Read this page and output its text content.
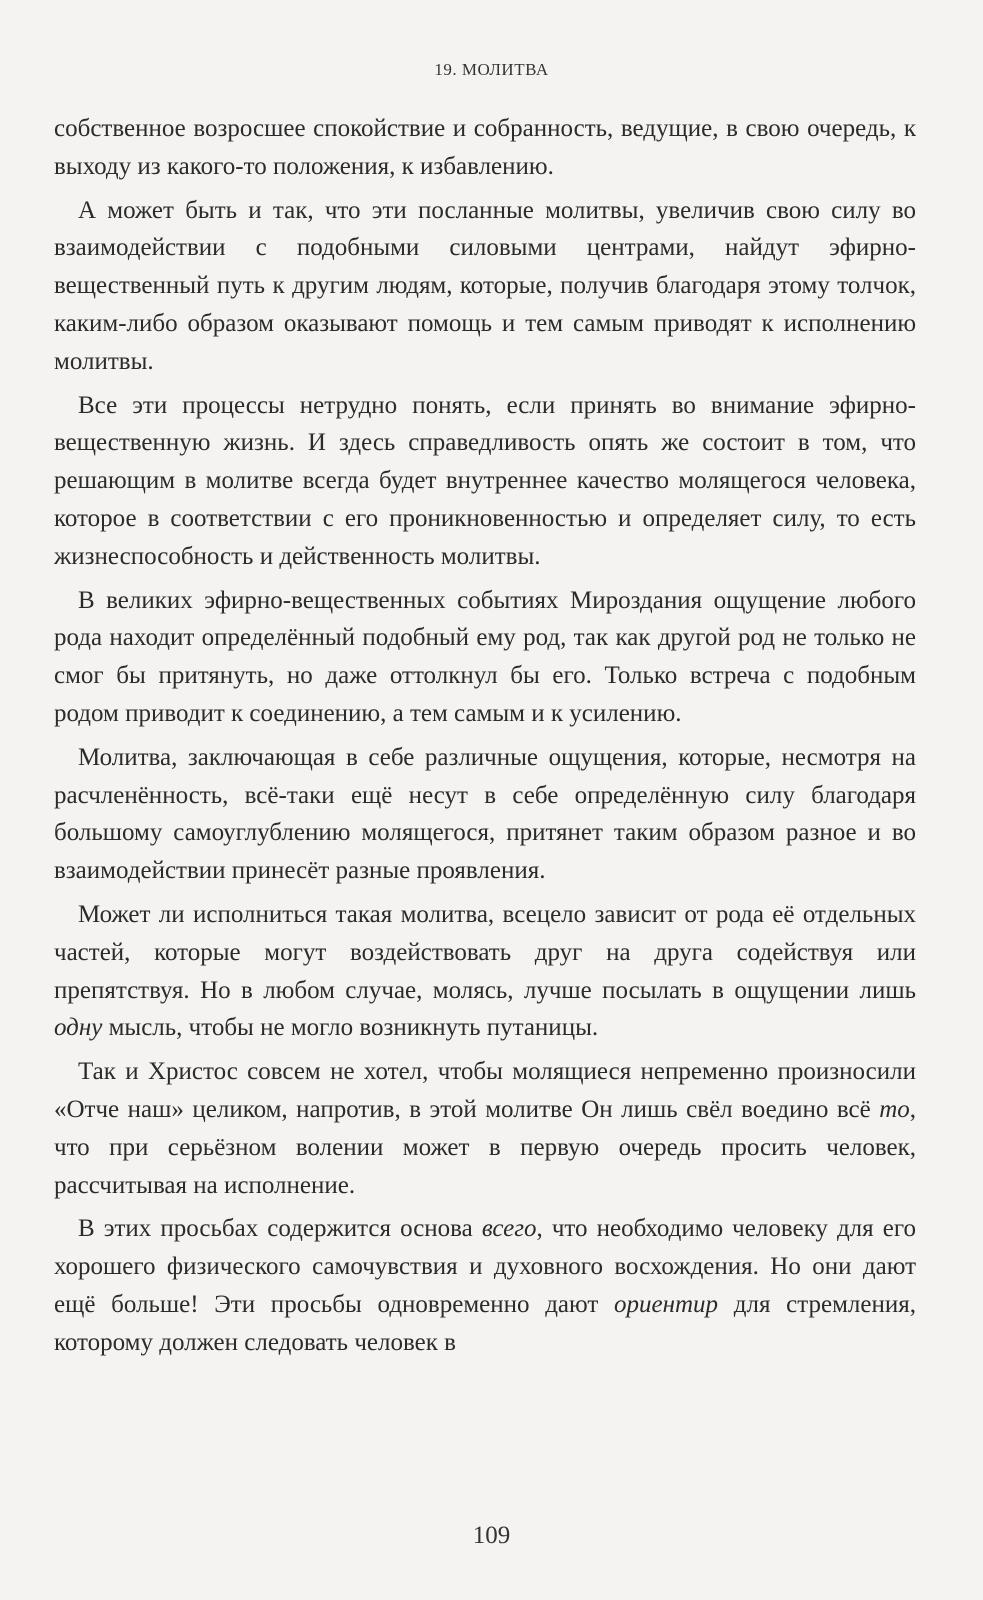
19. МОЛИТВА

собственное возросшее спокойствие и собранность, ведущие, в свою очередь, к выходу из какого-то положения, к избавлению.

А может быть и так, что эти посланные молитвы, увеличив свою силу во взаимодействии с подобными силовыми центрами, найдут эфирно-вещественный путь к другим людям, которые, получив благодаря этому толчок, каким-либо образом оказывают помощь и тем самым приводят к исполнению молитвы.

Все эти процессы нетрудно понять, если принять во внимание эфирно-вещественную жизнь. И здесь справедливость опять же состоит в том, что решающим в молитве всегда будет внутреннее качество молящегося человека, которое в соответствии с его проникновенностью и определяет силу, то есть жизнеспособность и действенность молитвы.

В великих эфирно-вещественных событиях Мироздания ощущение любого рода находит определённый подобный ему род, так как другой род не только не смог бы притянуть, но даже оттолкнул бы его. Только встреча с подобным родом приводит к соединению, а тем самым и к усилению.

Молитва, заключающая в себе различные ощущения, которые, несмотря на расчленённость, всё-таки ещё несут в себе определённую силу благодаря большому самоуглублению молящегося, притянет таким образом разное и во взаимодействии принесёт разные проявления.

Может ли исполниться такая молитва, всецело зависит от рода её отдельных частей, которые могут воздействовать друг на друга содействуя или препятствуя. Но в любом случае, молясь, лучше посылать в ощущении лишь одну мысль, чтобы не могло возникнуть путаницы.

Так и Христос совсем не хотел, чтобы молящиеся непременно произносили «Отче наш» целиком, напротив, в этой молитве Он лишь свёл воедино всё то, что при серьёзном волении может в первую очередь просить человек, рассчитывая на исполнение.

В этих просьбах содержится основа всего, что необходимо человеку для его хорошего физического самочувствия и духовного восхождения. Но они дают ещё больше! Эти просьбы одновременно дают ориентир для стремления, которому должен следовать человек в

109
